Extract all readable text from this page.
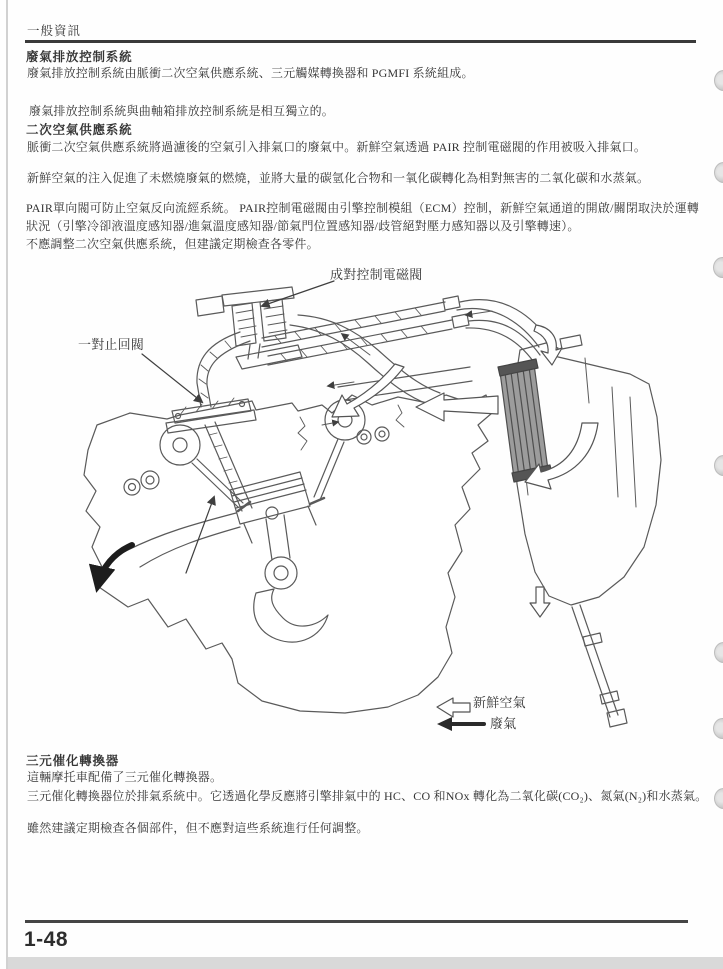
一般資訊
廢氣排放控制系統
廢氣排放控制系統由脈衝二次空氣供應系統、三元觸媒轉換器和 PGMFI 系統組成。
廢氣排放控制系統與曲軸箱排放控制系統是相互獨立的。
二次空氣供應系統
脈衝二次空氣供應系統將過濾後的空氣引入排氣口的廢氣中。新鮮空氣透過 PAIR 控制電磁閥的作用被吸入排氣口。
新鮮空氣的注入促進了未燃燒廢氣的燃燒，並將大量的碳氫化合物和一氧化碳轉化為相對無害的二氧化碳和水蒸氣。
PAIR單向閥可防止空氣反向流經系統。 PAIR控制電磁閥由引擎控制模組（ECM）控制，新鮮空氣通道的開啟/關閉取決於運轉
狀況（引擎冷卻液溫度感知器/進氣溫度感知器/節氣門位置感知器/歧管絕對壓力感知器以及引擎轉速）。
不應調整二次空氣供應系統，但建議定期檢查各零件。
成對控制電磁閥
一對止回閥
新鮮空氣
廢氣
三元催化轉換器
這輛摩托車配備了三元催化轉換器。
三元催化轉換器位於排氣系統中。它透過化學反應將引擎排氣中的 HC、CO 和NOx 轉化為二氧化碳(CO₂)、氮氣(N₂)和水蒸氣。
雖然建議定期檢查各個部件，但不應對這些系統進行任何調整。
1-48
